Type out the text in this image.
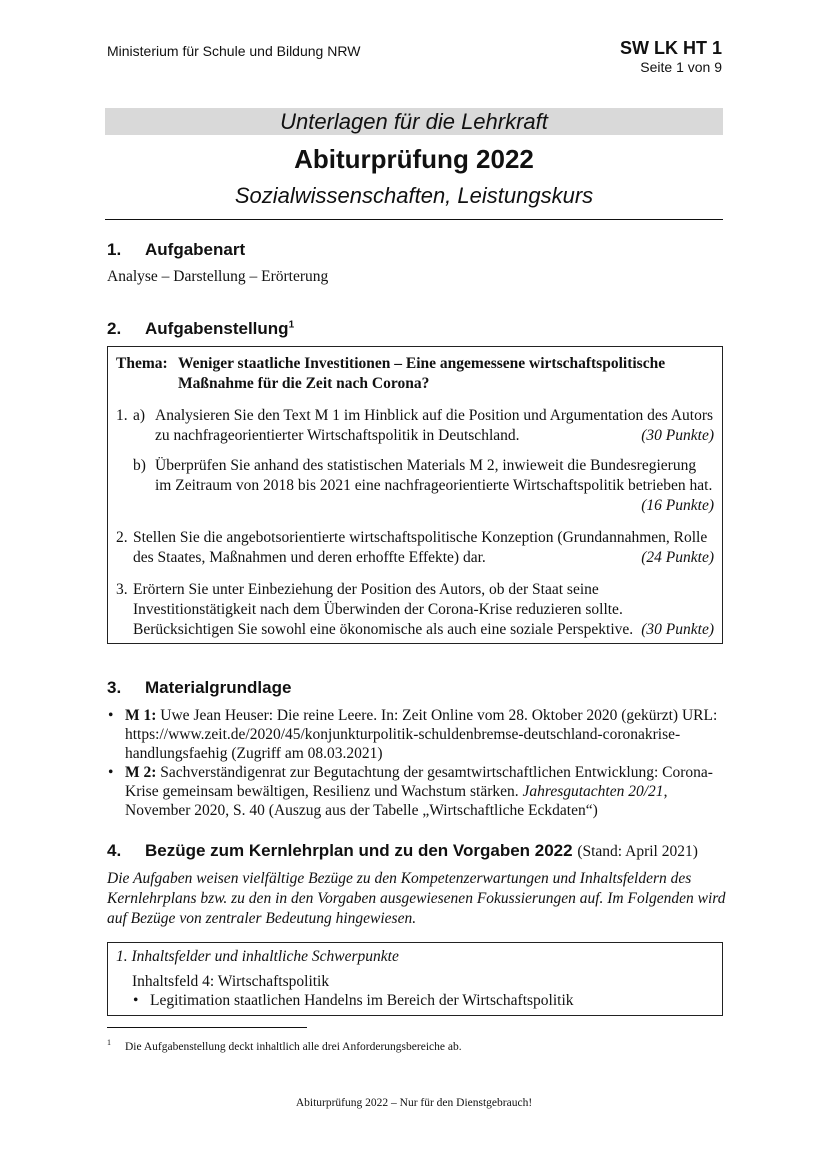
Ministerium für Schule und Bildung NRW	SW LK HT 1
Seite 1 von 9
Unterlagen für die Lehrkraft
Abiturprüfung 2022
Sozialwissenschaften, Leistungskurs
1. Aufgabenart
Analyse – Darstellung – Erörterung
2. Aufgabenstellung$^1$
Thema: Weniger staatliche Investitionen – Eine angemessene wirtschaftspolitische Maßnahme für die Zeit nach Corona?
1. a) Analysieren Sie den Text M 1 im Hinblick auf die Position und Argumentation des Autors zu nachfrageorientierter Wirtschaftspolitik in Deutschland.	(30 Punkte)
b) Überprüfen Sie anhand des statistischen Materials M 2, inwieweit die Bundesregierung im Zeitraum von 2018 bis 2021 eine nachfrageorientierte Wirtschaftspolitik betrieben hat.
(16 Punkte)
2. Stellen Sie die angebotsorientierte wirtschaftspolitische Konzeption (Grundannahmen, Rolle des Staates, Maßnahmen und deren erhoffte Effekte) dar.	(24 Punkte)
3. Erörtern Sie unter Einbeziehung der Position des Autors, ob der Staat seine Investitionstätigkeit nach dem Überwinden der Corona-Krise reduzieren sollte. Berücksichtigen Sie sowohl eine ökonomische als auch eine soziale Perspektive. (30 Punkte)
3. Materialgrundlage
• M 1: Uwe Jean Heuser: Die reine Leere. In: Zeit Online vom 28. Oktober 2020 (gekürzt) URL: https://www.zeit.de/2020/45/konjunkturpolitik-schuldenbremse-deutschland-coronakrise-handlungsfaehig (Zugriff am 08.03.2021)
• M 2: Sachverständigenrat zur Begutachtung der gesamtwirtschaftlichen Entwicklung: Corona-Krise gemeinsam bewältigen, Resilienz und Wachstum stärken. Jahresgutachten 20/21, November 2020, S. 40 (Auszug aus der Tabelle „Wirtschaftliche Eckdaten“)
4. Bezüge zum Kernlehrplan und zu den Vorgaben 2022 (Stand: April 2021)
Die Aufgaben weisen vielfältige Bezüge zu den Kompetenzerwartungen und Inhaltsfeldern des Kernlehrplans bzw. zu den in den Vorgaben ausgewiesenen Fokussierungen auf. Im Folgenden wird auf Bezüge von zentraler Bedeutung hingewiesen.
1. Inhaltsfelder und inhaltliche Schwerpunkte
Inhaltsfeld 4: Wirtschaftspolitik
• Legitimation staatlichen Handelns im Bereich der Wirtschaftspolitik
$^1$ Die Aufgabenstellung deckt inhaltlich alle drei Anforderungsbereiche ab.
Abiturprüfung 2022 – Nur für den Dienstgebrauch!
